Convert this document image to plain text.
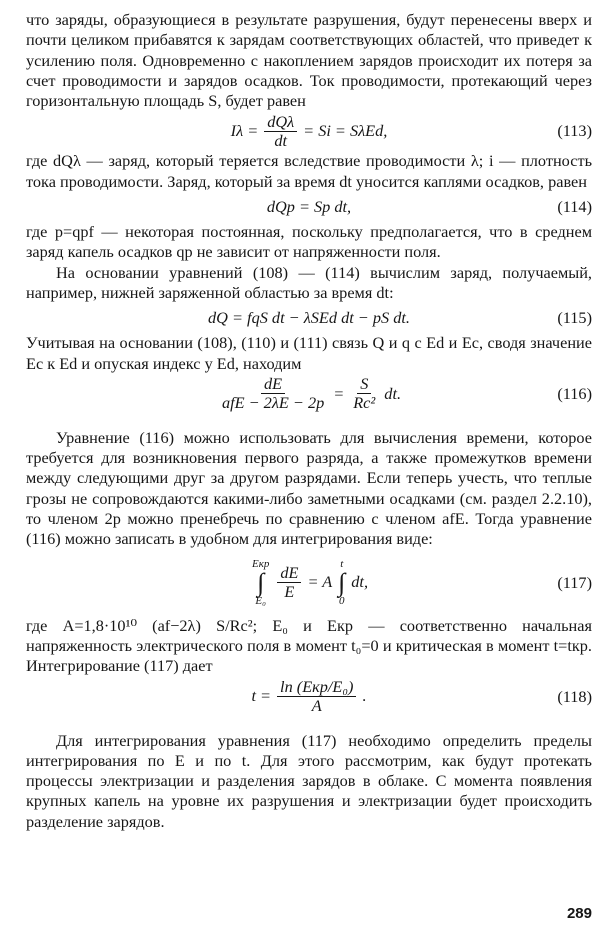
что заряды, образующиеся в результате разрушения, будут перенесены вверх и почти целиком прибавятся к зарядам соответствующих областей, что приведет к усилению поля. Одновременно с накоплением зарядов происходит их потеря за счет проводимости и зарядов осадков. Ток проводимости, протекающий через горизонтальную площадь S, будет равен

$I\lambda = \frac{\text{dQλ}}{dt} = Si = S\lambda Ed$,	(113)

где dQλ — заряд, который теряется вследствие проводимости λ; i — плотность тока проводимости. Заряд, который за время dt уносится каплями осадков, равен

dQp = Sp dt,	(114)

где p=qpf — некоторая постоянная, поскольку предполагается, что в среднем заряд капель осадков qp не зависит от напряженности поля.

На основании уравнений (108) — (114) вычислим заряд, получаемый, например, нижней заряженной областью за время dt:

dQ = fqS dt − λSEd dt − pS dt.	(115)

Учитывая на основании (108), (110) и (111) связь Q и q с Ed и Ec, сводя значение Ec к Ed и опуская индекс у Ed, находим

$\frac{dE}{\text{afE − 2λE − 2p}} = \frac{S}{\text{Rc²}}$ dt.	(116)

Уравнение (116) можно использовать для вычисления времени, которое требуется для возникновения первого разряда, а также промежутков времени между следующими друг за другом разрядами. Если теперь учесть, что теплые грозы не сопровождаются какими-либо заметными осадками (см. раздел 2.2.10), то членом 2p можно пренебречь по сравнению с членом afE. Тогда уравнение (116) можно записать в удобном для интегрирования виде:

Eкр
∫
$E_0 \frac{dE}{E} = A$
t
∫
0
dt,	(117)

где A=1,8·10¹⁰ (af−2λ) S/Rc²; E₀ и Eкр — соответственно начальная напряженность электрического поля в момент t₀=0 и критическая в момент t=tкр. Интегрирование (117) дает

$t = \frac{\text{ln (Eкр/E₀)}}{A}$ .	(118)

Для интегрирования уравнения (117) необходимо определить пределы интегрирования по E и по t. Для этого рассмотрим, как будут протекать процессы электризации и разделения зарядов в облаке. С момента появления крупных капель на уровне их разрушения и электризации будет происходить разделение зарядов.

289
